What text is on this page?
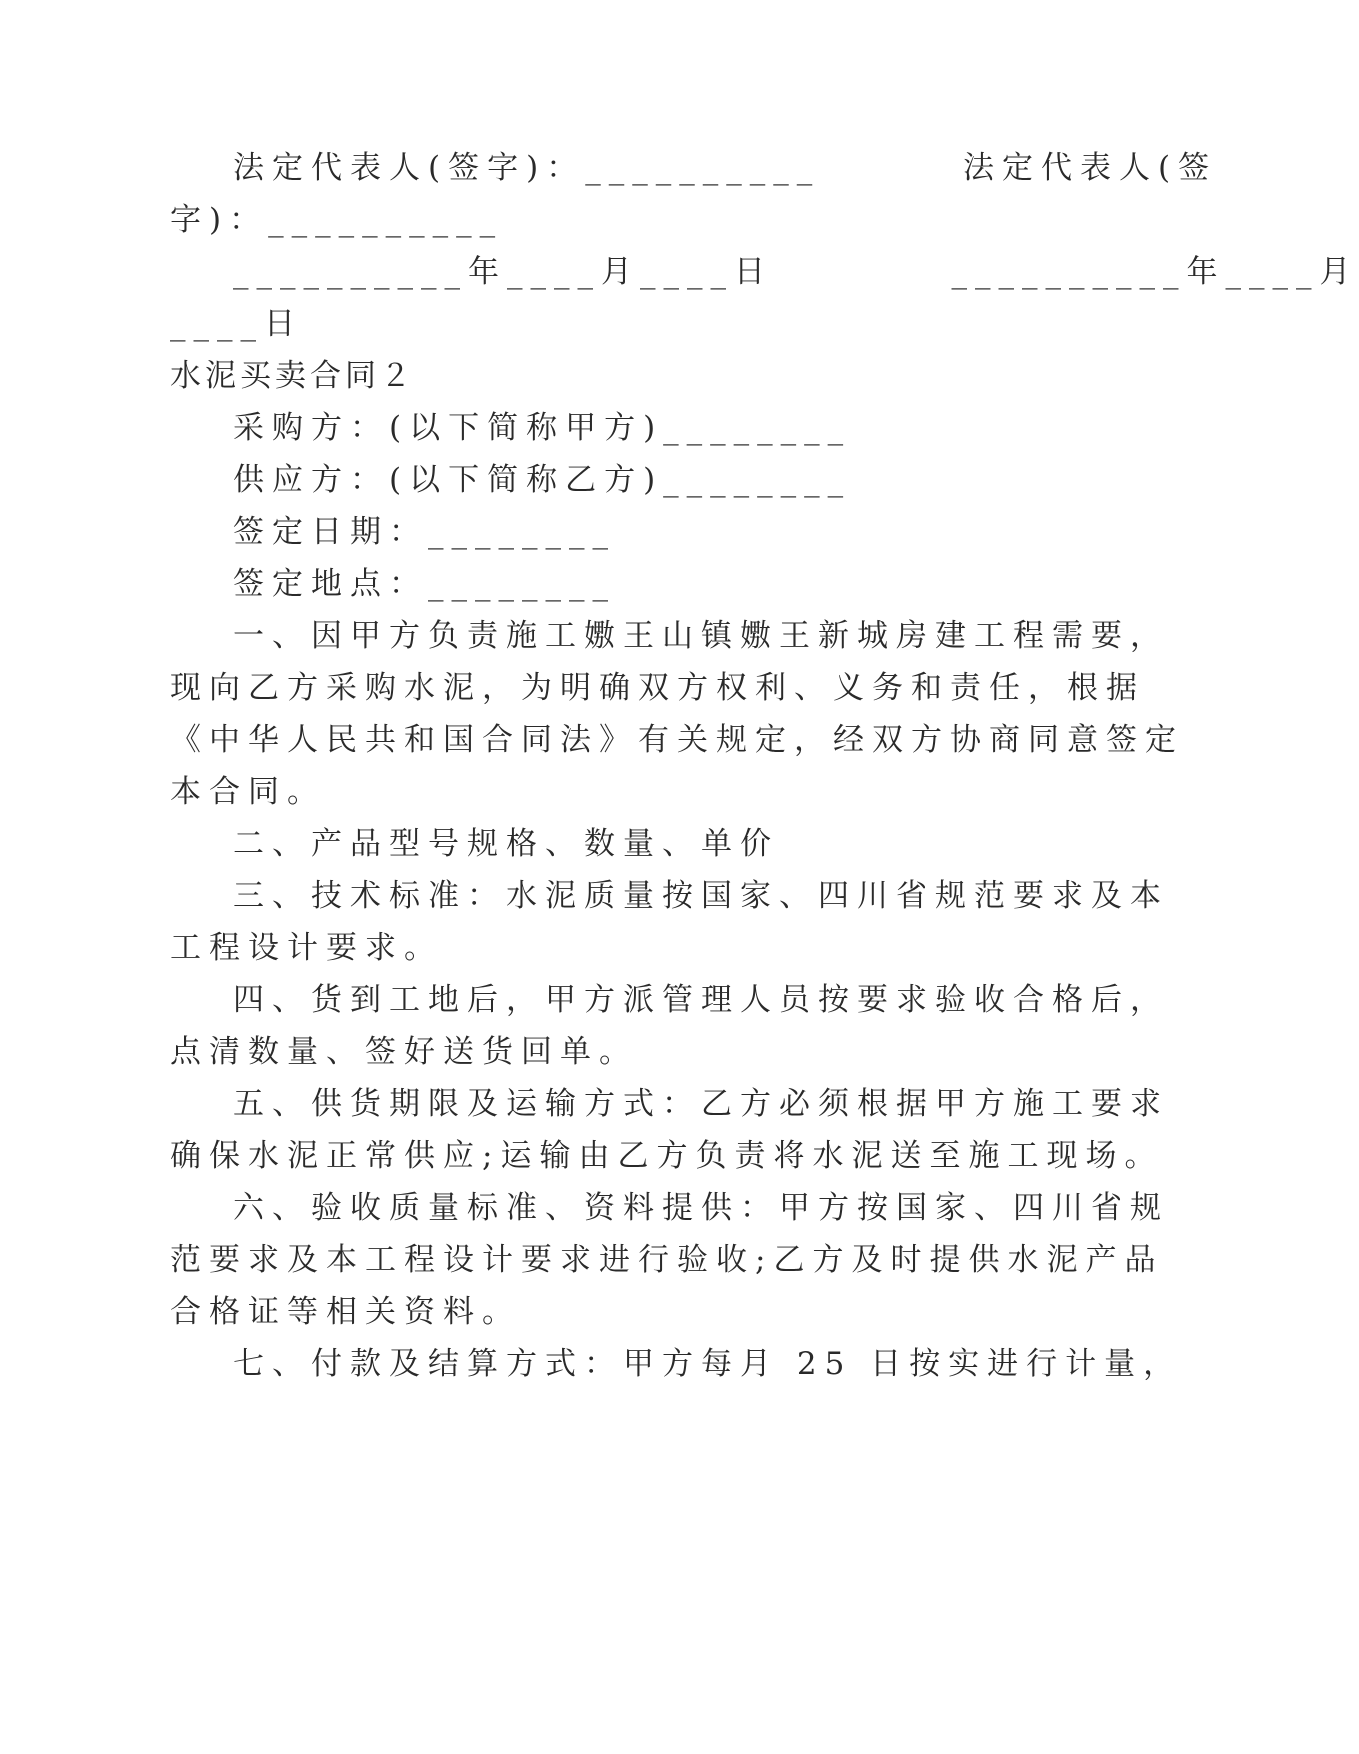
法定代表人(签字)：__________        法定代表人(签
字)：__________
__________年____月____日          __________年____月
____日
水泥买卖合同２
采购方：(以下简称甲方)________
供应方：(以下简称乙方)________
签定日期：________
签定地点：________
一、因甲方负责施工嫐王山镇嫐王新城房建工程需要，
现向乙方采购水泥，为明确双方权利、义务和责任，根据
《中华人民共和国合同法》有关规定，经双方协商同意签定
本合同。
二、产品型号规格、数量、单价
三、技术标准：水泥质量按国家、四川省规范要求及本
工程设计要求。
四、货到工地后，甲方派管理人员按要求验收合格后，
点清数量、签好送货回单。
五、供货期限及运输方式：乙方必须根据甲方施工要求
确保水泥正常供应;运输由乙方负责将水泥送至施工现场。
六、验收质量标准、资料提供：甲方按国家、四川省规
范要求及本工程设计要求进行验收;乙方及时提供水泥产品
合格证等相关资料。
七、付款及结算方式：甲方每月 25 日按实进行计量，
